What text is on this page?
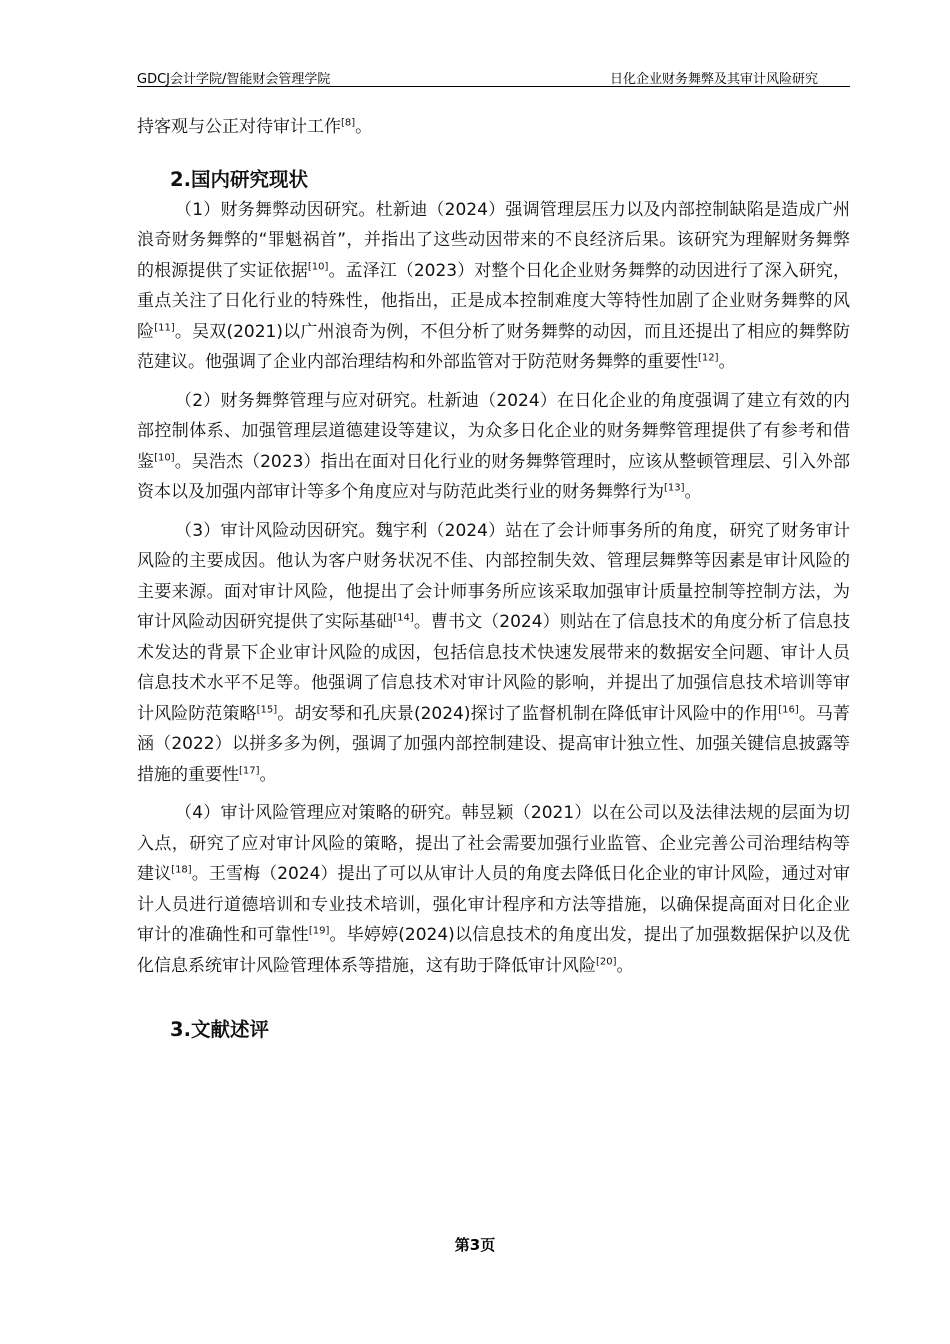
GDCJ会计学院/智能财会管理学院	日化企业财务舞弊及其审计风险研究

持客观与公正对待审计工作[8]。

2.国内研究现状

（1）财务舞弊动因研究。杜新迪（2024）强调管理层压力以及内部控制缺陷是造成广州浪奇财务舞弊的“罪魁祸首”，并指出了这些动因带来的不良经济后果。该研究为理解财务舞弊的根源提供了实证依据[10]。孟泽江（2023）对整个日化企业财务舞弊的动因进行了深入研究，重点关注了日化行业的特殊性，他指出，正是成本控制难度大等特性加剧了企业财务舞弊的风险[11]。吴双(2021)以广州浪奇为例，不但分析了财务舞弊的动因，而且还提出了相应的舞弊防范建议。他强调了企业内部治理结构和外部监管对于防范财务舞弊的重要性[12]。

（2）财务舞弊管理与应对研究。杜新迪（2024）在日化企业的角度强调了建立有效的内部控制体系、加强管理层道德建设等建议，为众多日化企业的财务舞弊管理提供了有参考和借鉴[10]。吴浩杰（2023）指出在面对日化行业的财务舞弊管理时，应该从整顿管理层、引入外部资本以及加强内部审计等多个角度应对与防范此类行业的财务舞弊行为[13]。

（3）审计风险动因研究。魏宇利（2024）站在了会计师事务所的角度，研究了财务审计风险的主要成因。他认为客户财务状况不佳、内部控制失效、管理层舞弊等因素是审计风险的主要来源。面对审计风险，他提出了会计师事务所应该采取加强审计质量控制等控制方法，为审计风险动因研究提供了实际基础[14]。曹书文（2024）则站在了信息技术的角度分析了信息技术发达的背景下企业审计风险的成因，包括信息技术快速发展带来的数据安全问题、审计人员信息技术水平不足等。他强调了信息技术对审计风险的影响，并提出了加强信息技术培训等审计风险防范策略[15]。胡安琴和孔庆景(2024)探讨了监督机制在降低审计风险中的作用[16]。马菁涵（2022）以拼多多为例，强调了加强内部控制建设、提高审计独立性、加强关键信息披露等措施的重要性[17]。

（4）审计风险管理应对策略的研究。韩昱颖（2021）以在公司以及法律法规的层面为切入点，研究了应对审计风险的策略，提出了社会需要加强行业监管、企业完善公司治理结构等建议[18]。王雪梅（2024）提出了可以从审计人员的角度去降低日化企业的审计风险，通过对审计人员进行道德培训和专业技术培训，强化审计程序和方法等措施，以确保提高面对日化企业审计的准确性和可靠性[19]。毕婷婷(2024)以信息技术的角度出发，提出了加强数据保护以及优化信息系统审计风险管理体系等措施，这有助于降低审计风险[20]。

3.文献述评
第3页
